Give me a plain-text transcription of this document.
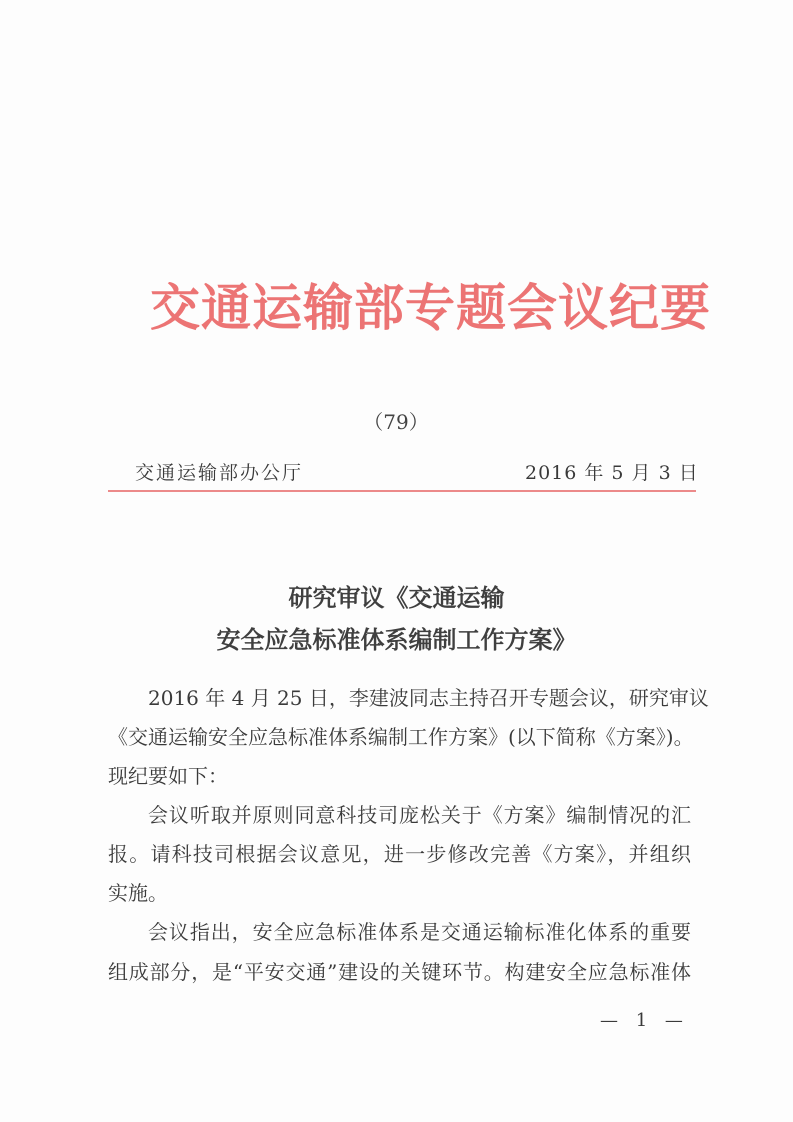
交通运输部专题会议纪要
（79）
交通运输部办公厅	2016 年 5 月 3 日
研究审议《交通运输
安全应急标准体系编制工作方案》
2016 年 4 月 25 日，李建波同志主持召开专题会议，研究审议
《交通运输安全应急标准体系编制工作方案》(以下简称《方案》)。
现纪要如下：
会议听取并原则同意科技司庞松关于《方案》编制情况的汇
报。请科技司根据会议意见，进一步修改完善《方案》，并组织
实施。
会议指出，安全应急标准体系是交通运输标准化体系的重要
组成部分，是“平安交通”建设的关键环节。构建安全应急标准体
— 1 —
